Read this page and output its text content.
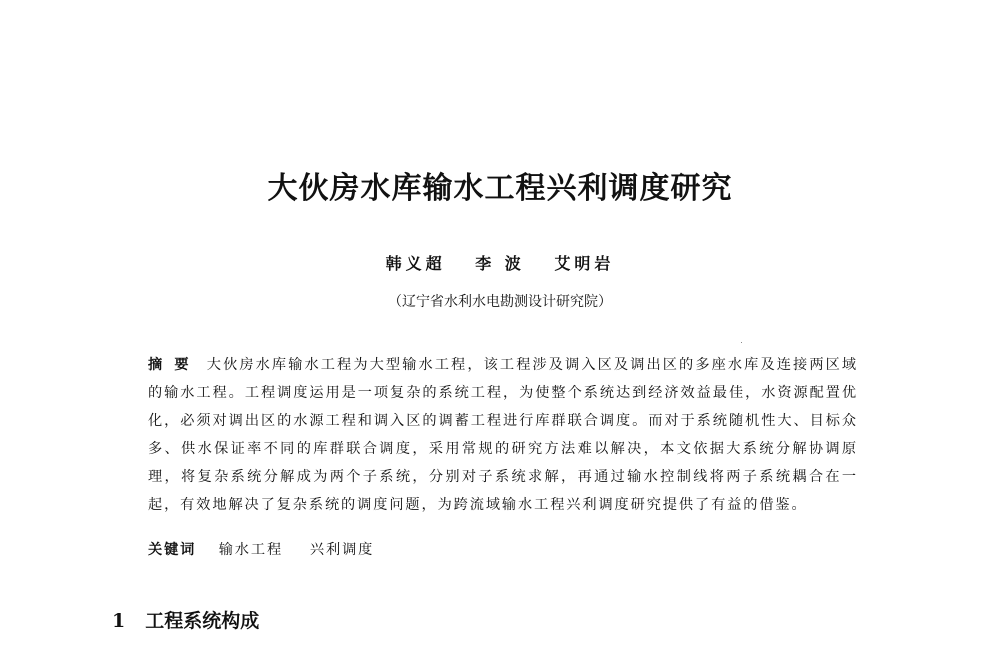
大伙房水库输水工程兴利调度研究
韩义超 李 波 艾明岩
（辽宁省水利水电勘测设计研究院）
摘要 大伙房水库输水工程为大型输水工程，该工程涉及调入区及调出区的多座水库及连接两区域的输水工程。工程调度运用是一项复杂的系统工程，为使整个系统达到经济效益最佳，水资源配置优化，必须对调出区的水源工程和调入区的调蓄工程进行库群联合调度。而对于系统随机性大、目标众多、供水保证率不同的库群联合调度，采用常规的研究方法难以解决，本文依据大系统分解协调原理，将复杂系统分解成为两个子系统，分别对子系统求解，再通过输水控制线将两子系统耦合在一起，有效地解决了复杂系统的调度问题，为跨流域输水工程兴利调度研究提供了有益的借鉴。
关键词 输水工程 兴利调度
1 工程系统构成
